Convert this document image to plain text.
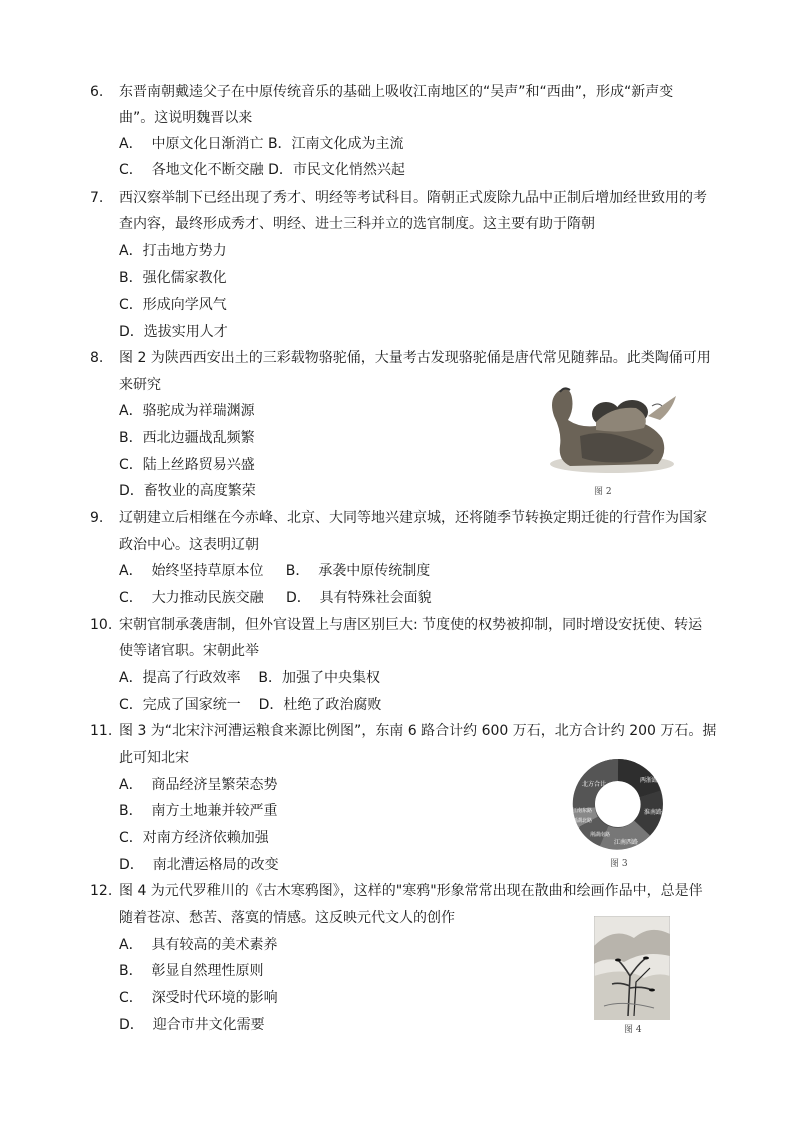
6. 东晋南朝戴逵父子在中原传统音乐的基础上吸收江南地区的“吴声”和“西曲”，形成“新声变
曲”。这说明魏晋以来
A． 中原文化日渐消亡 B．江南文化成为主流
C． 各地文化不断交融 D．市民文化悄然兴起
7. 西汉察举制下已经出现了秀才、明经等考试科目。隋朝正式废除九品中正制后增加经世致用的考
查内容，最终形成秀才、明经、进士三科并立的选官制度。这主要有助于隋朝
A．打击地方势力
B．强化儒家教化
C．形成向学风气
D．选拔实用人才
8. 图 2 为陕西西安出土的三彩载物骆驼俑，大量考古发现骆驼俑是唐代常见随葬品。此类陶俑可用
来研究
A．骆驼成为祥瑞渊源
B．西北边疆战乱频繁
C．陆上丝路贸易兴盛
D．畜牧业的高度繁荣	图 2
9. 辽朝建立后相继在今赤峰、北京、大同等地兴建京城，还将随季节转换定期迁徙的行营作为国家
政治中心。这表明辽朝
A． 始终坚持草原本位 B． 承袭中原传统制度
C． 大力推动民族交融 D． 具有特殊社会面貌
10. 宋朝官制承袭唐制，但外官设置上与唐区别巨大: 节度使的权势被抑制，同时增设安抚使、转运
使等诸官职。宋朝此举
A．提高了行政效率 B．加强了中央集权
C．完成了国家统一 D．杜绝了政治腐败
11. 图 3 为“北宋汴河漕运粮食来源比例图”，东南 6 路合计约 600 万石，北方合计约 200 万石。据
此可知北宋
A． 商品经济呈繁荣态势
B． 南方土地兼并较严重
C．对南方经济依赖加强
D． 南北漕运格局的改变
两浙路
淮南路
江南西路
荆湖南路
荆湖北路
江南东路
北方合计
图 3
12. 图 4 为元代罗稚川的《古木寒鸦图》，这样的"寒鸦"形象常常出现在散曲和绘画作品中，总是伴
随着苍凉、愁苦、落寞的情感。这反映元代文人的创作
A． 具有较高的美术素养
B． 彰显自然理性原则
C． 深受时代环境的影响
D． 迎合市井文化需要	图 4
